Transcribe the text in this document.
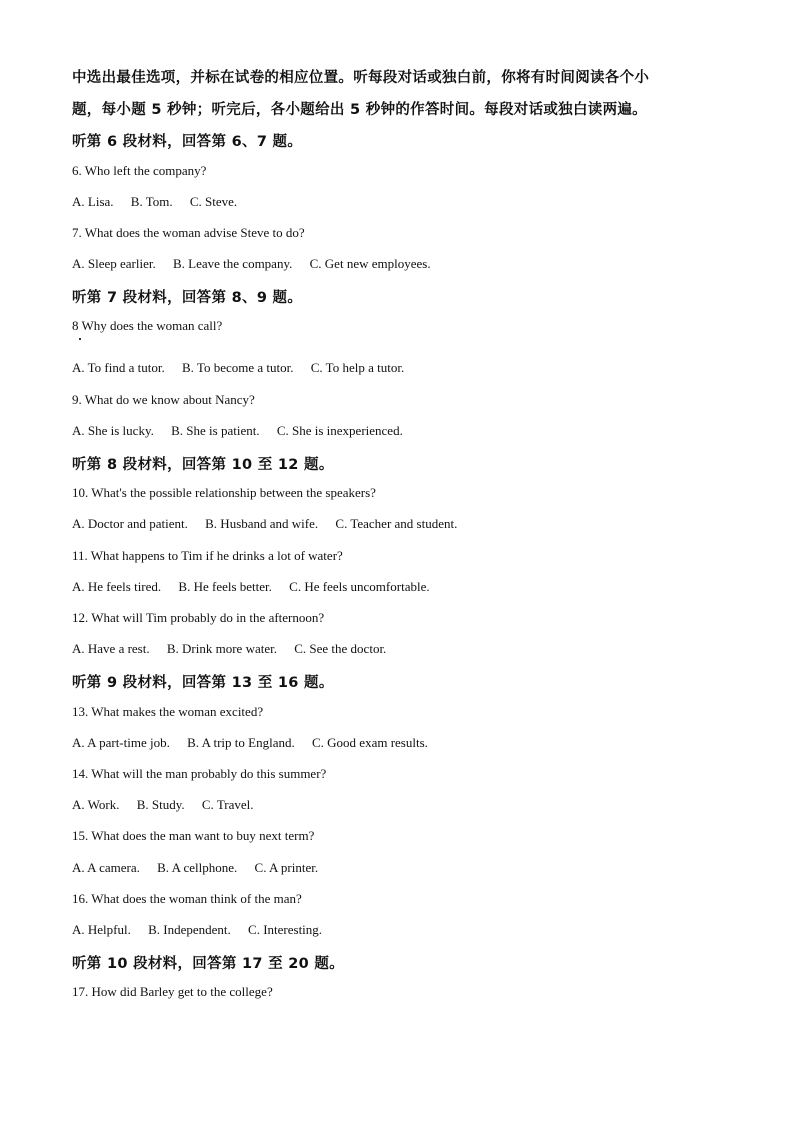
中选出最佳选项，并标在试卷的相应位置。听每段对话或独白前，你将有时间阅读各个小
题，每小题 5 秒钟；听完后，各小题给出 5 秒钟的作答时间。每段对话或独白读两遍。
听第 6 段材料，回答第 6、7 题。
6. Who left the company?
A. Lisa. B. Tom. C. Steve.
7. What does the woman advise Steve to do?
A. Sleep earlier. B. Leave the company. C. Get new employees.
听第 7 段材料，回答第 8、9 题。
8 Why does the woman call?
A. To find a tutor. B. To become a tutor. C. To help a tutor.
9. What do we know about Nancy?
A. She is lucky. B. She is patient. C. She is inexperienced.
听第 8 段材料，回答第 10 至 12 题。
10. What's the possible relationship between the speakers?
A. Doctor and patient. B. Husband and wife. C. Teacher and student.
11. What happens to Tim if he drinks a lot of water?
A. He feels tired. B. He feels better. C. He feels uncomfortable.
12. What will Tim probably do in the afternoon?
A. Have a rest. B. Drink more water. C. See the doctor.
听第 9 段材料，回答第 13 至 16 题。
13. What makes the woman excited?
A. A part-time job. B. A trip to England. C. Good exam results.
14. What will the man probably do this summer?
A. Work. B. Study. C. Travel.
15. What does the man want to buy next term?
A. A camera. B. A cellphone. C. A printer.
16. What does the woman think of the man?
A. Helpful. B. Independent. C. Interesting.
听第 10 段材料，回答第 17 至 20 题。
17. How did Barley get to the college?
